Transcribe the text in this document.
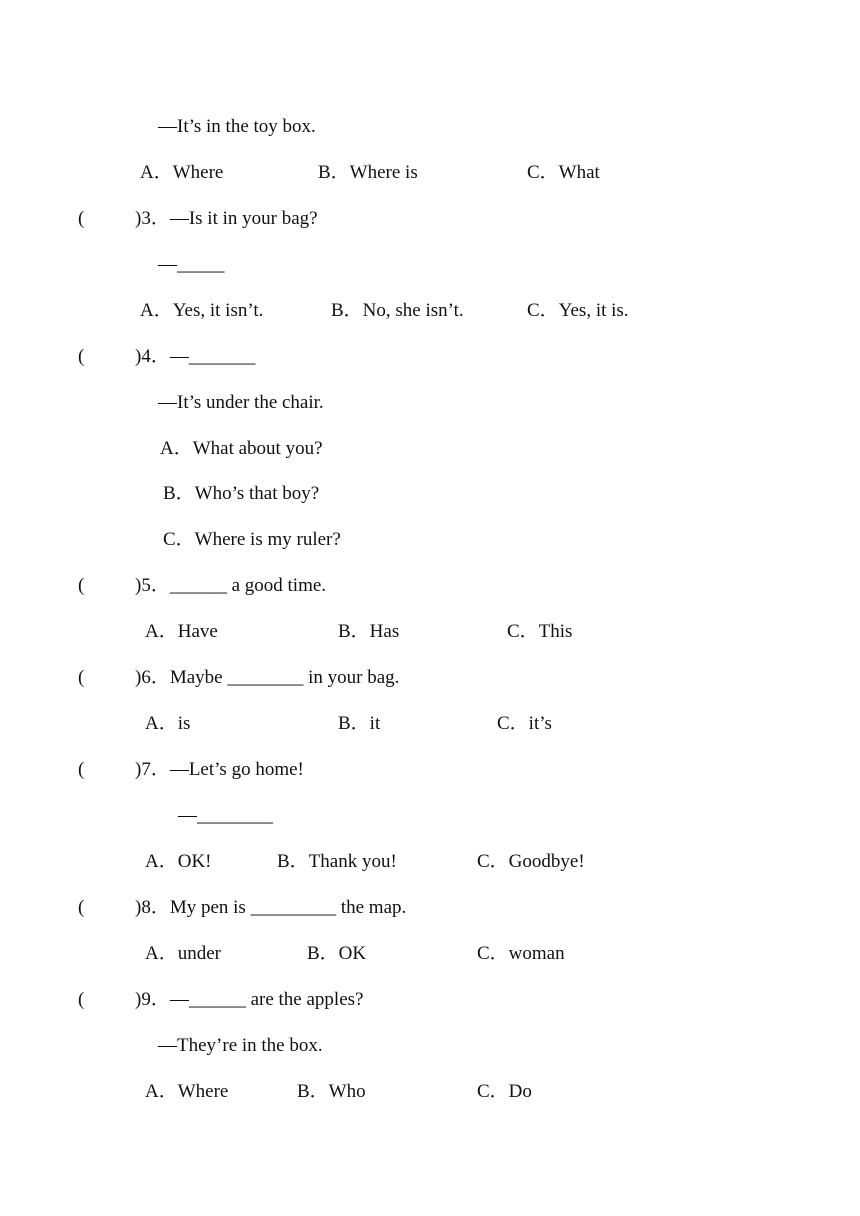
—It’s in the toy box.
A．Where	B．Where is	C．What
(	)3．—Is it in your bag?
—_____
A．Yes, it isn’t.	B．No, she isn’t.	C．Yes, it is.
(	)4．—_______
—It’s under the chair.
A．What about you?
B．Who’s that boy?
C．Where is my ruler?
(	)5．______ a good time.
A．Have	B．Has	C．This
(	)6．Maybe ________ in your bag.
A．is	B．it	C．it’s
(	)7．—Let’s go home!
—________
A．OK!	B．Thank you!	C．Goodbye!
(	)8．My pen is _________ the map.
A．under	B．OK	C．woman
(	)9．—______ are the apples?
—They’re in the box.
A．Where	B．Who	C．Do
